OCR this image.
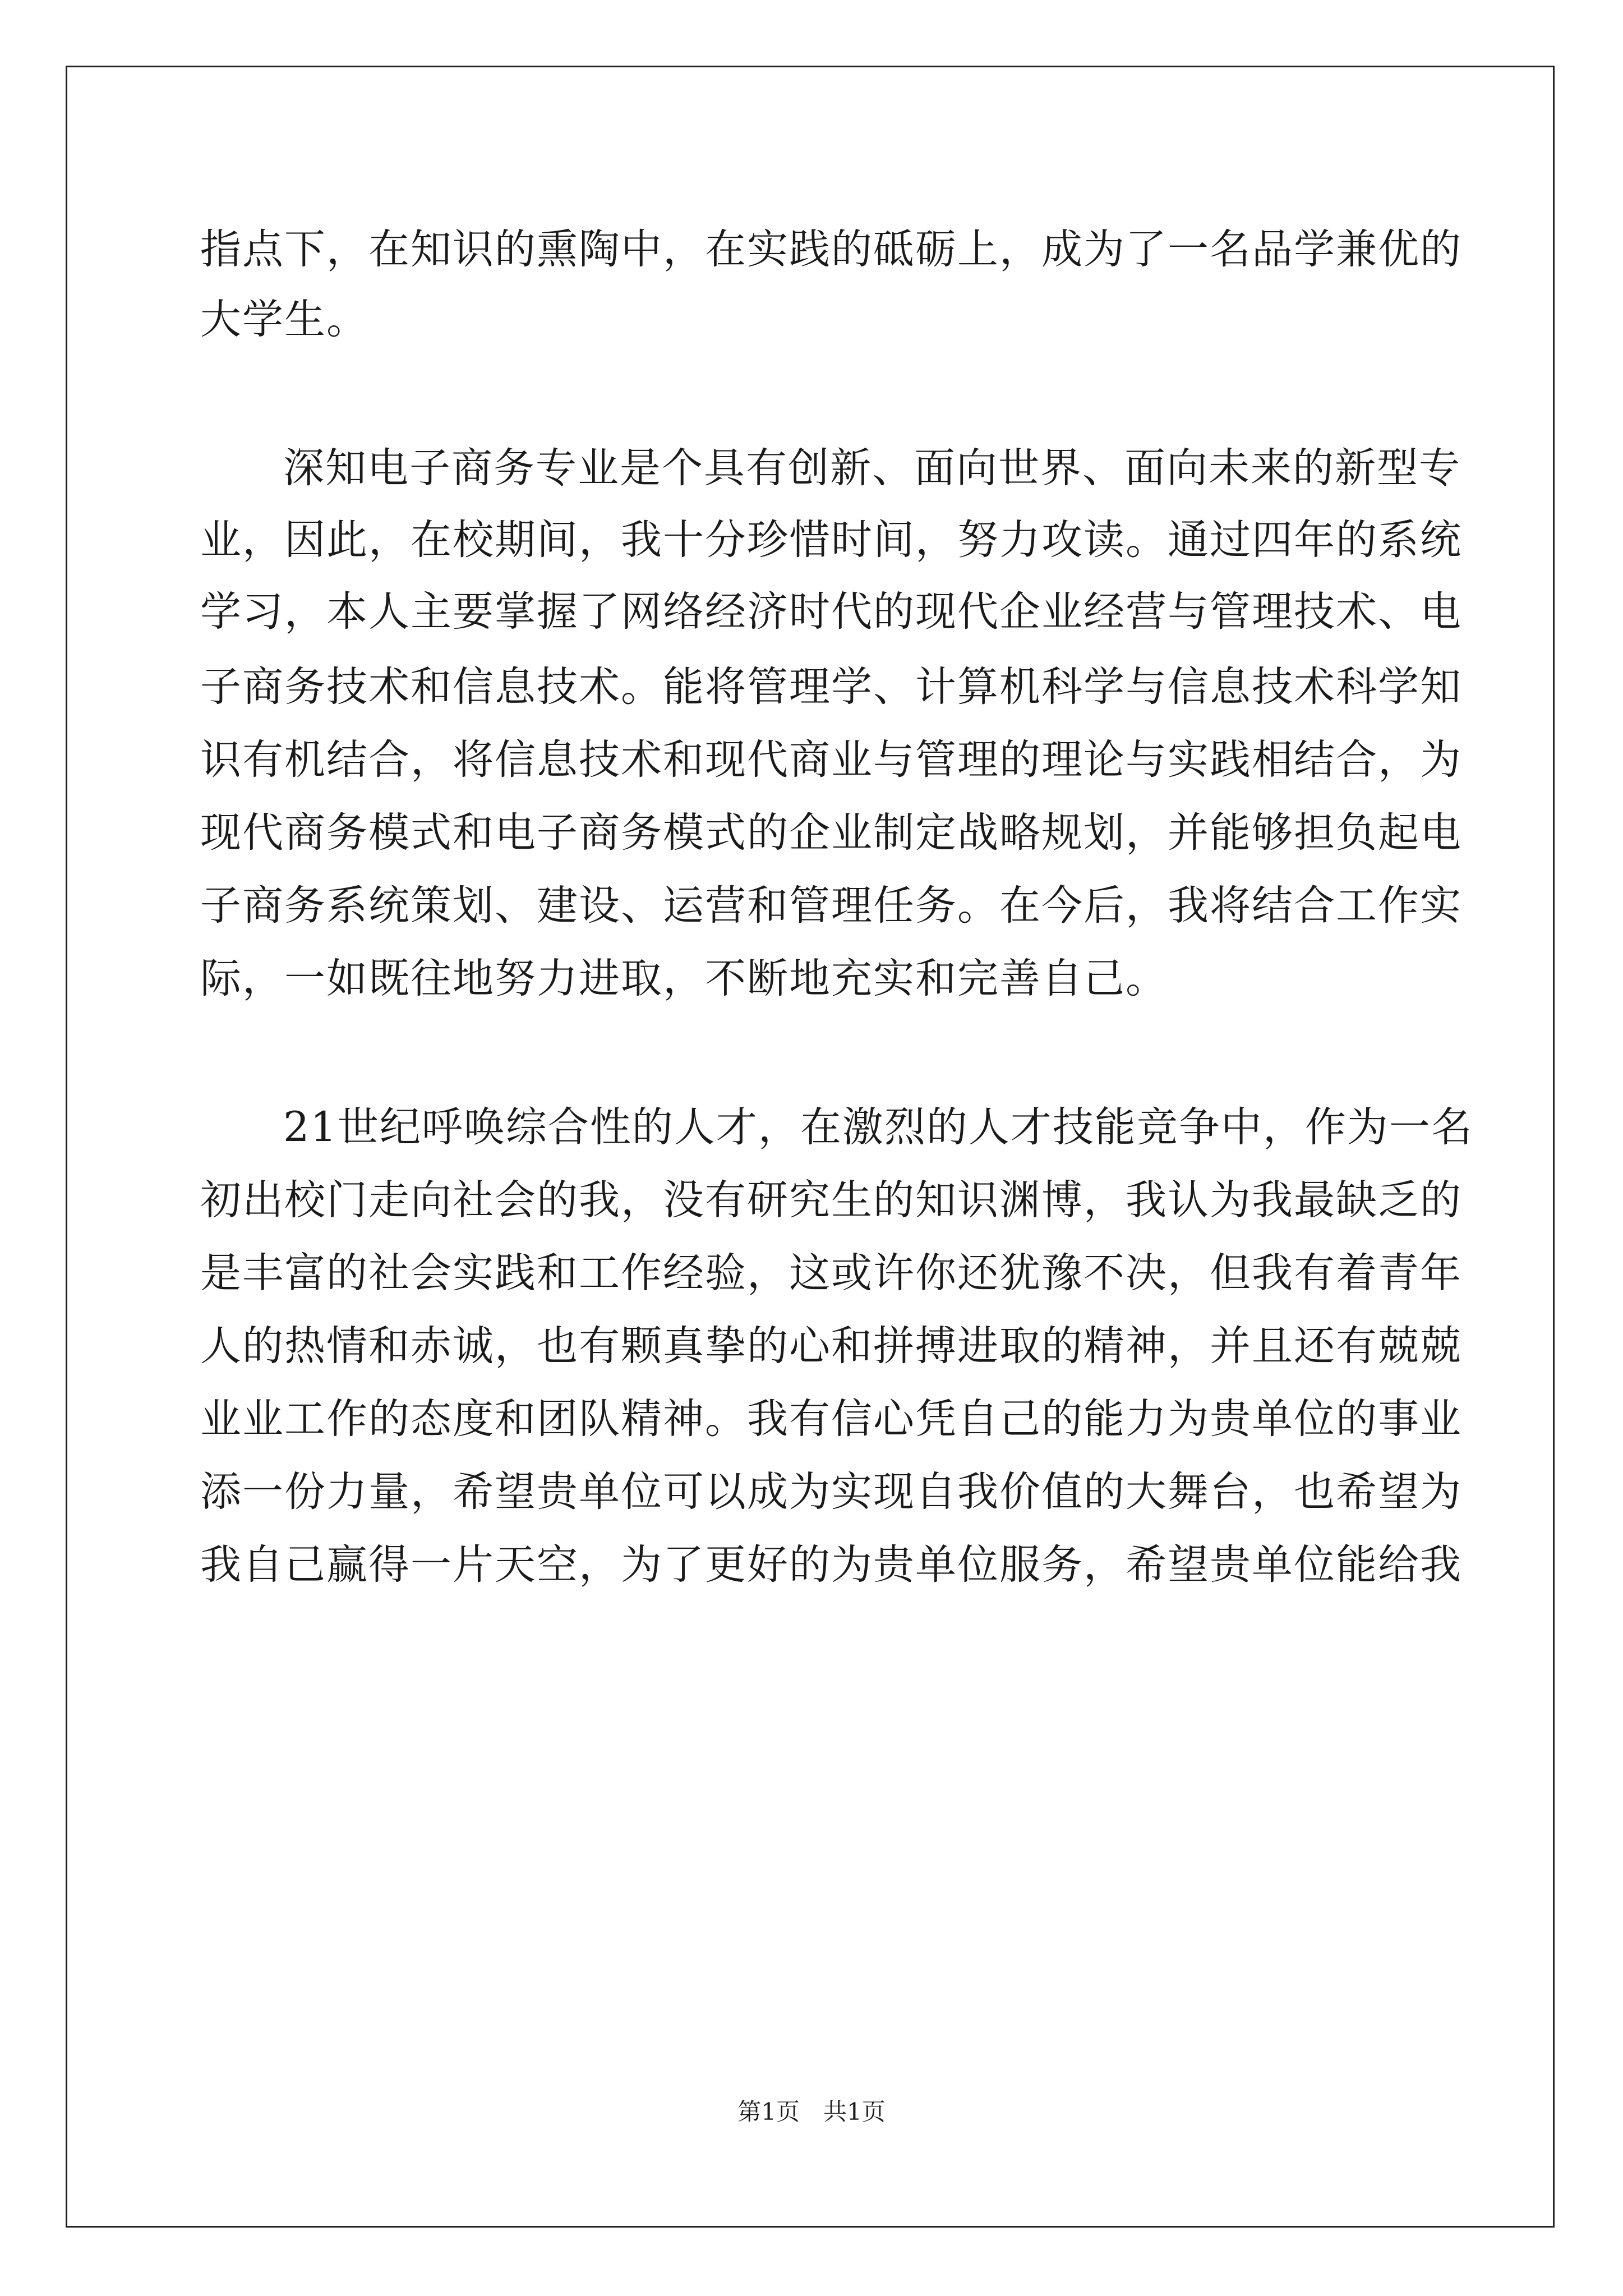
指点下，在知识的熏陶中，在实践的砥砺上，成为了一名品学兼优的
大学生。
深知电子商务专业是个具有创新、面向世界、面向未来的新型专
业，因此，在校期间，我十分珍惜时间，努力攻读。通过四年的系统
学习，本人主要掌握了网络经济时代的现代企业经营与管理技术、电
子商务技术和信息技术。能将管理学、计算机科学与信息技术科学知
识有机结合，将信息技术和现代商业与管理的理论与实践相结合，为
现代商务模式和电子商务模式的企业制定战略规划，并能够担负起电
子商务系统策划、建设、运营和管理任务。在今后，我将结合工作实
际，一如既往地努力进取，不断地充实和完善自己。
21世纪呼唤综合性的人才，在激烈的人才技能竞争中，作为一名
初出校门走向社会的我，没有研究生的知识渊博，我认为我最缺乏的
是丰富的社会实践和工作经验，这或许你还犹豫不决，但我有着青年
人的热情和赤诚，也有颗真挚的心和拼搏进取的精神，并且还有兢兢
业业工作的态度和团队精神。我有信心凭自己的能力为贵单位的事业
添一份力量，希望贵单位可以成为实现自我价值的大舞台，也希望为
我自己赢得一片天空，为了更好的为贵单位服务，希望贵单位能给我
第1页　共1页
